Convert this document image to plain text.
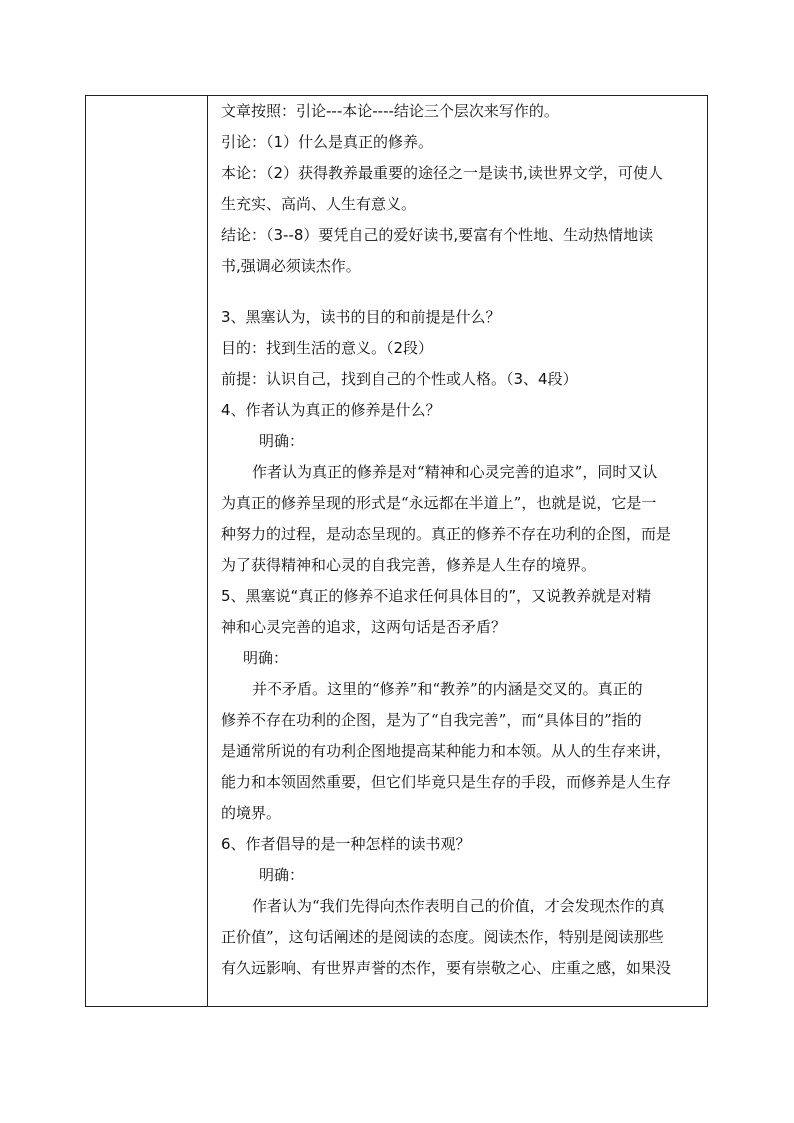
文章按照：引论---本论----结论三个层次来写作的。

引论：（1）什么是真正的修养。

本论：（2）获得教养最重要的途径之一是读书,读世界文学，可使人

生充实、高尚、人生有意义。

结论：（3--8）要凭自己的爱好读书,要富有个性地、生动热情地读

书,强调必须读杰作。

3、黑塞认为，读书的目的和前提是什么？

目的：找到生活的意义。（2段）

前提：认识自己，找到自己的个性或人格。（3、4段）

4、作者认为真正的修养是什么？

明确：

作者认为真正的修养是对“精神和心灵完善的追求”，同时又认

为真正的修养呈现的形式是“永远都在半道上”，也就是说，它是一

种努力的过程，是动态呈现的。真正的修养不存在功利的企图，而是

为了获得精神和心灵的自我完善，修养是人生存的境界。

5、黑塞说“真正的修养不追求任何具体目的”，又说教养就是对精

神和心灵完善的追求，这两句话是否矛盾？

明确：

并不矛盾。这里的“修养”和“教养”的内涵是交叉的。真正的

修养不存在功利的企图，是为了“自我完善”，而“具体目的”指的

是通常所说的有功利企图地提高某种能力和本领。从人的生存来讲，

能力和本领固然重要，但它们毕竟只是生存的手段，而修养是人生存

的境界。

6、作者倡导的是一种怎样的读书观？

明确：

作者认为“我们先得向杰作表明自己的价值，才会发现杰作的真

正价值”，这句话阐述的是阅读的态度。阅读杰作，特别是阅读那些

有久远影响、有世界声誉的杰作，要有崇敬之心、庄重之感，如果没
